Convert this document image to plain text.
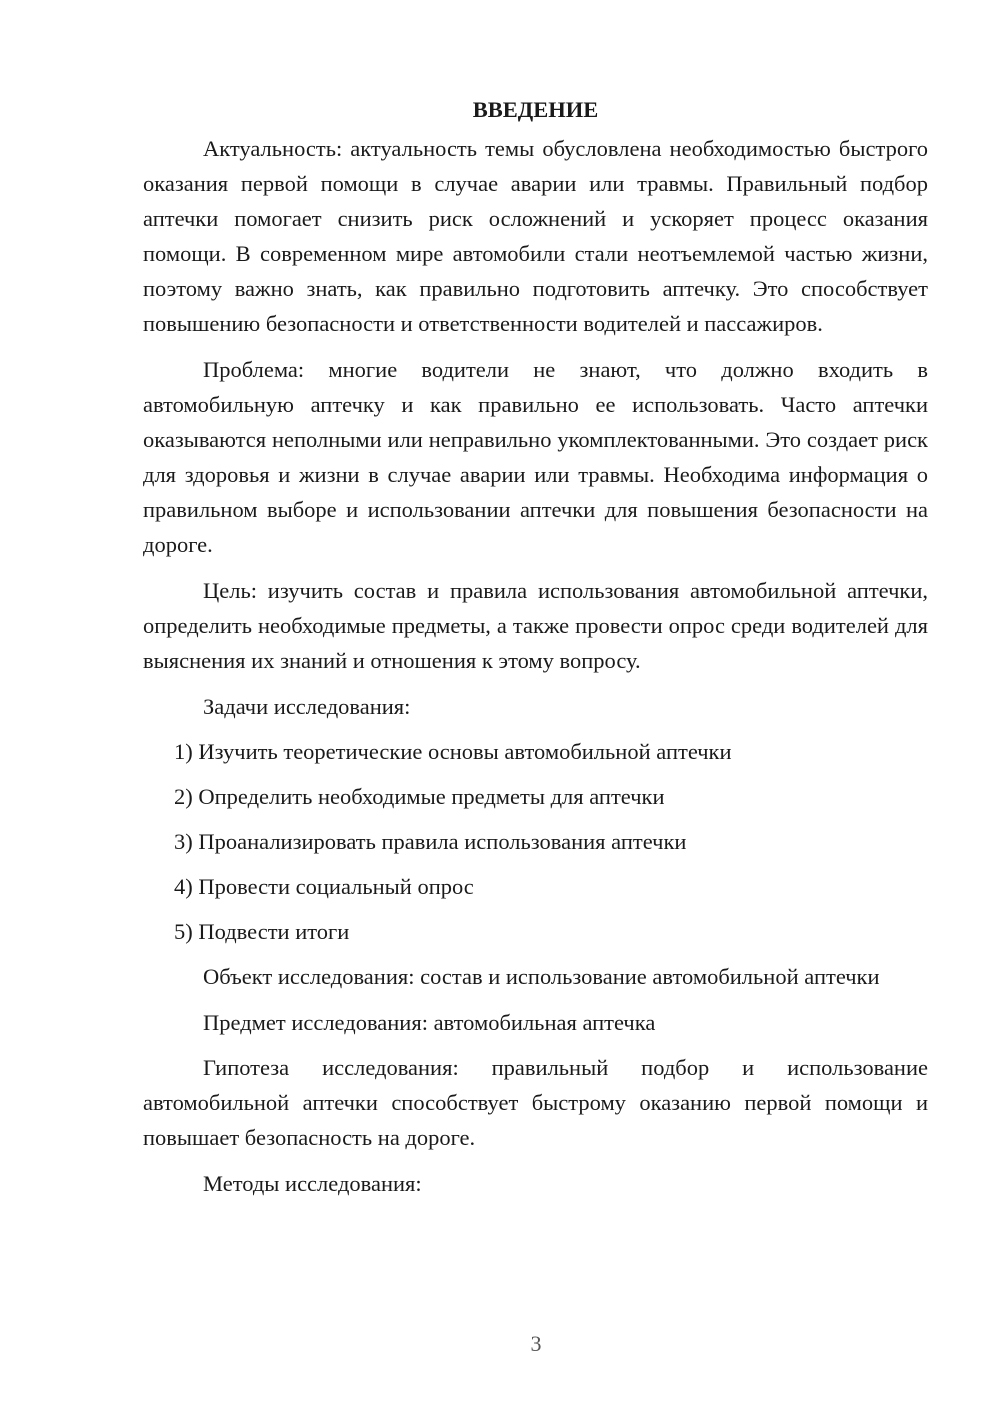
ВВЕДЕНИЕ

Актуальность: актуальность темы обусловлена необходимостью быстрого оказания первой помощи в случае аварии или травмы. Правильный подбор аптечки помогает снизить риск осложнений и ускоряет процесс оказания помощи. В современном мире автомобили стали неотъемлемой частью жизни, поэтому важно знать, как правильно подготовить аптечку. Это способствует повышению безопасности и ответственности водителей и пассажиров.

Проблема: многие водители не знают, что должно входить в автомобильную аптечку и как правильно ее использовать. Часто аптечки оказываются неполными или неправильно укомплектованными. Это создает риск для здоровья и жизни в случае аварии или травмы. Необходима информация о правильном выборе и использовании аптечки для повышения безопасности на дороге.

Цель: изучить состав и правила использования автомобильной аптечки, определить необходимые предметы, а также провести опрос среди водителей для выяснения их знаний и отношения к этому вопросу.

Задачи исследования:

1) Изучить теоретические основы автомобильной аптечки

2) Определить необходимые предметы для аптечки

3) Проанализировать правила использования аптечки

4) Провести социальный опрос

5) Подвести итоги

Объект исследования: состав и использование автомобильной аптечки

Предмет исследования: автомобильная аптечка

Гипотеза исследования: правильный подбор и использование автомобильной аптечки способствует быстрому оказанию первой помощи и повышает безопасность на дороге.

Методы исследования:

3
